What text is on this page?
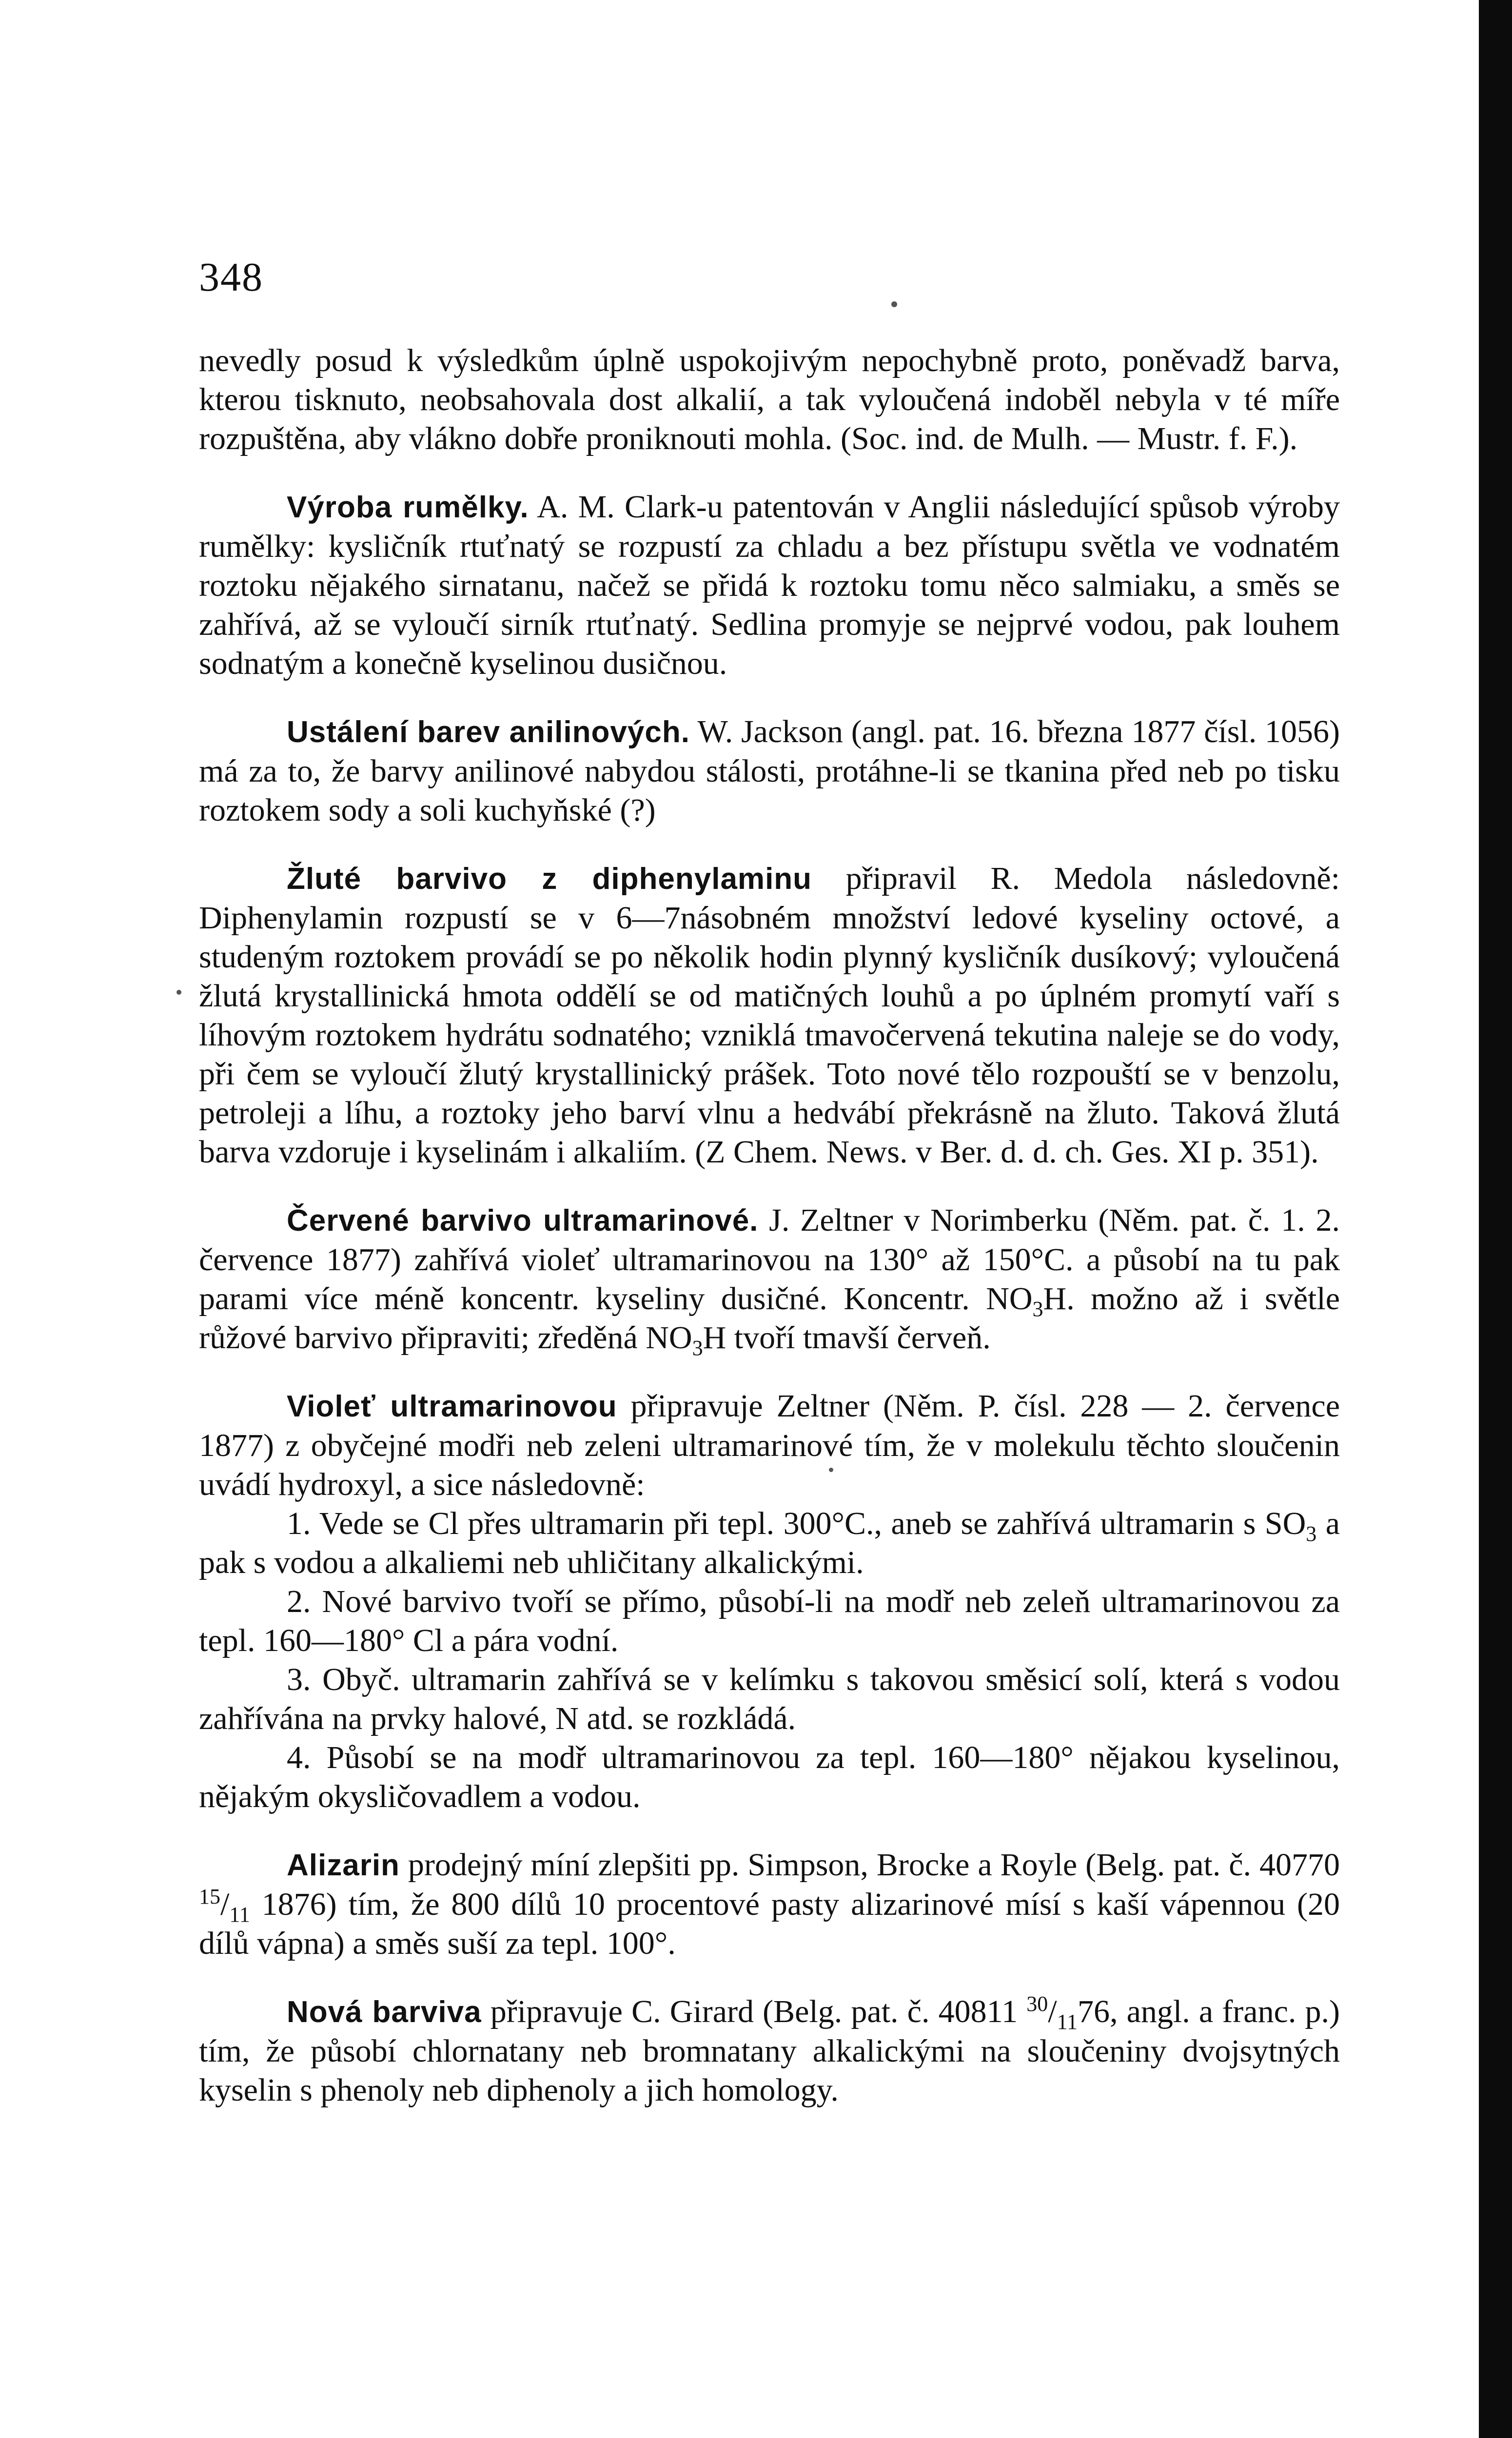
348

nevedly posud k výsledkům úplně uspokojivým nepochybně proto, poněvadž barva, kterou tisknuto, neobsahovala dost alkalií, a tak vyloučená indoběl nebyla v té míře rozpuštěna, aby vlákno dobře proniknouti mohla. (Soc. ind. de Mulh. — Mustr. f. F.).

Výroba rumělky. A. M. Clark-u patentován v Anglii následující spůsob výroby rumělky: kysličník rtuťnatý se rozpustí za chladu a bez přístupu světla ve vodnatém roztoku nějakého sirnatanu, načež se přidá k roztoku tomu něco salmiaku, a směs se zahřívá, až se vyloučí sirník rtuťnatý. Sedlina promyje se nejprvé vodou, pak louhem sodnatým a konečně kyselinou dusičnou.

Ustálení barev anilinových. W. Jackson (angl. pat. 16. března 1877 čísl. 1056) má za to, že barvy anilinové nabydou stálosti, protáhne-li se tkanina před neb po tisku roztokem sody a soli kuchyňské (?)

Žluté barvivo z diphenylaminu připravil R. Medola následovně: Diphenylamin rozpustí se v 6—7násobném množství ledové kyseliny octové, a studeným roztokem provádí se po několik hodin plynný kysličník dusíkový; vyloučená žlutá krystallinická hmota oddělí se od matičných louhů a po úplném promytí vaří s líhovým roztokem hydrátu sodnatého; vzniklá tmavočervená tekutina naleje se do vody, při čem se vyloučí žlutý krystallinický prášek. Toto nové tělo rozpouští se v benzolu, petroleji a líhu, a roztoky jeho barví vlnu a hedvábí překrásně na žluto. Taková žlutá barva vzdoruje i kyselinám i alkaliím. (Z Chem. News. v Ber. d. d. ch. Ges. XI p. 351).

Červené barvivo ultramarinové. J. Zeltner v Norimberku (Něm. pat. č. 1. 2. července 1877) zahřívá violeť ultramarinovou na 130° až 150°C. a působí na tu pak parami více méně koncentr. kyseliny dusičné. Koncentr. $NO_3H$. možno až i světle růžové barvivo připraviti; zředěná $NO_3H$ tvoří tmavší červeň.

Violeť ultramarinovou připravuje Zeltner (Něm. P. čísl. 228 — 2. července 1877) z obyčejné modři neb zeleni ultramarinové tím, že v molekulu těchto sloučenin uvádí hydroxyl, a sice následovně:

1. Vede se Cl přes ultramarin při tepl. 300°C., aneb se zahřívá ultramarin s $SO_3$ a pak s vodou a alkaliemi neb uhličitany alkalickými.

2. Nové barvivo tvoří se přímo, působí-li na modř neb zeleň ultramarinovou za tepl. 160—180° Cl a pára vodní.

3. Obyč. ultramarin zahřívá se v kelímku s takovou směsicí solí, která s vodou zahřívána na prvky halové, N atd. se rozkládá.

4. Působí se na modř ultramarinovou za tepl. 160—180° nějakou kyselinou, nějakým okysličovadlem a vodou.

Alizarin prodejný míní zlepšiti pp. Simpson, Brocke a Royle (Belg. pat. č. 40770 $^{15}/_{11}$ 1876) tím, že 800 dílů 10 procentové pasty alizarinové mísí s kaší vápennou (20 dílů vápna) a směs suší za tepl. 100°.

Nová barviva připravuje C. Girard (Belg. pat. č. 40811 $^{30}/_{11}76$, angl. a franc. p.) tím, že působí chlornatany neb bromnatany alkalickými na sloučeniny dvojsytných kyselin s phenoly neb diphenoly a jich homology.
